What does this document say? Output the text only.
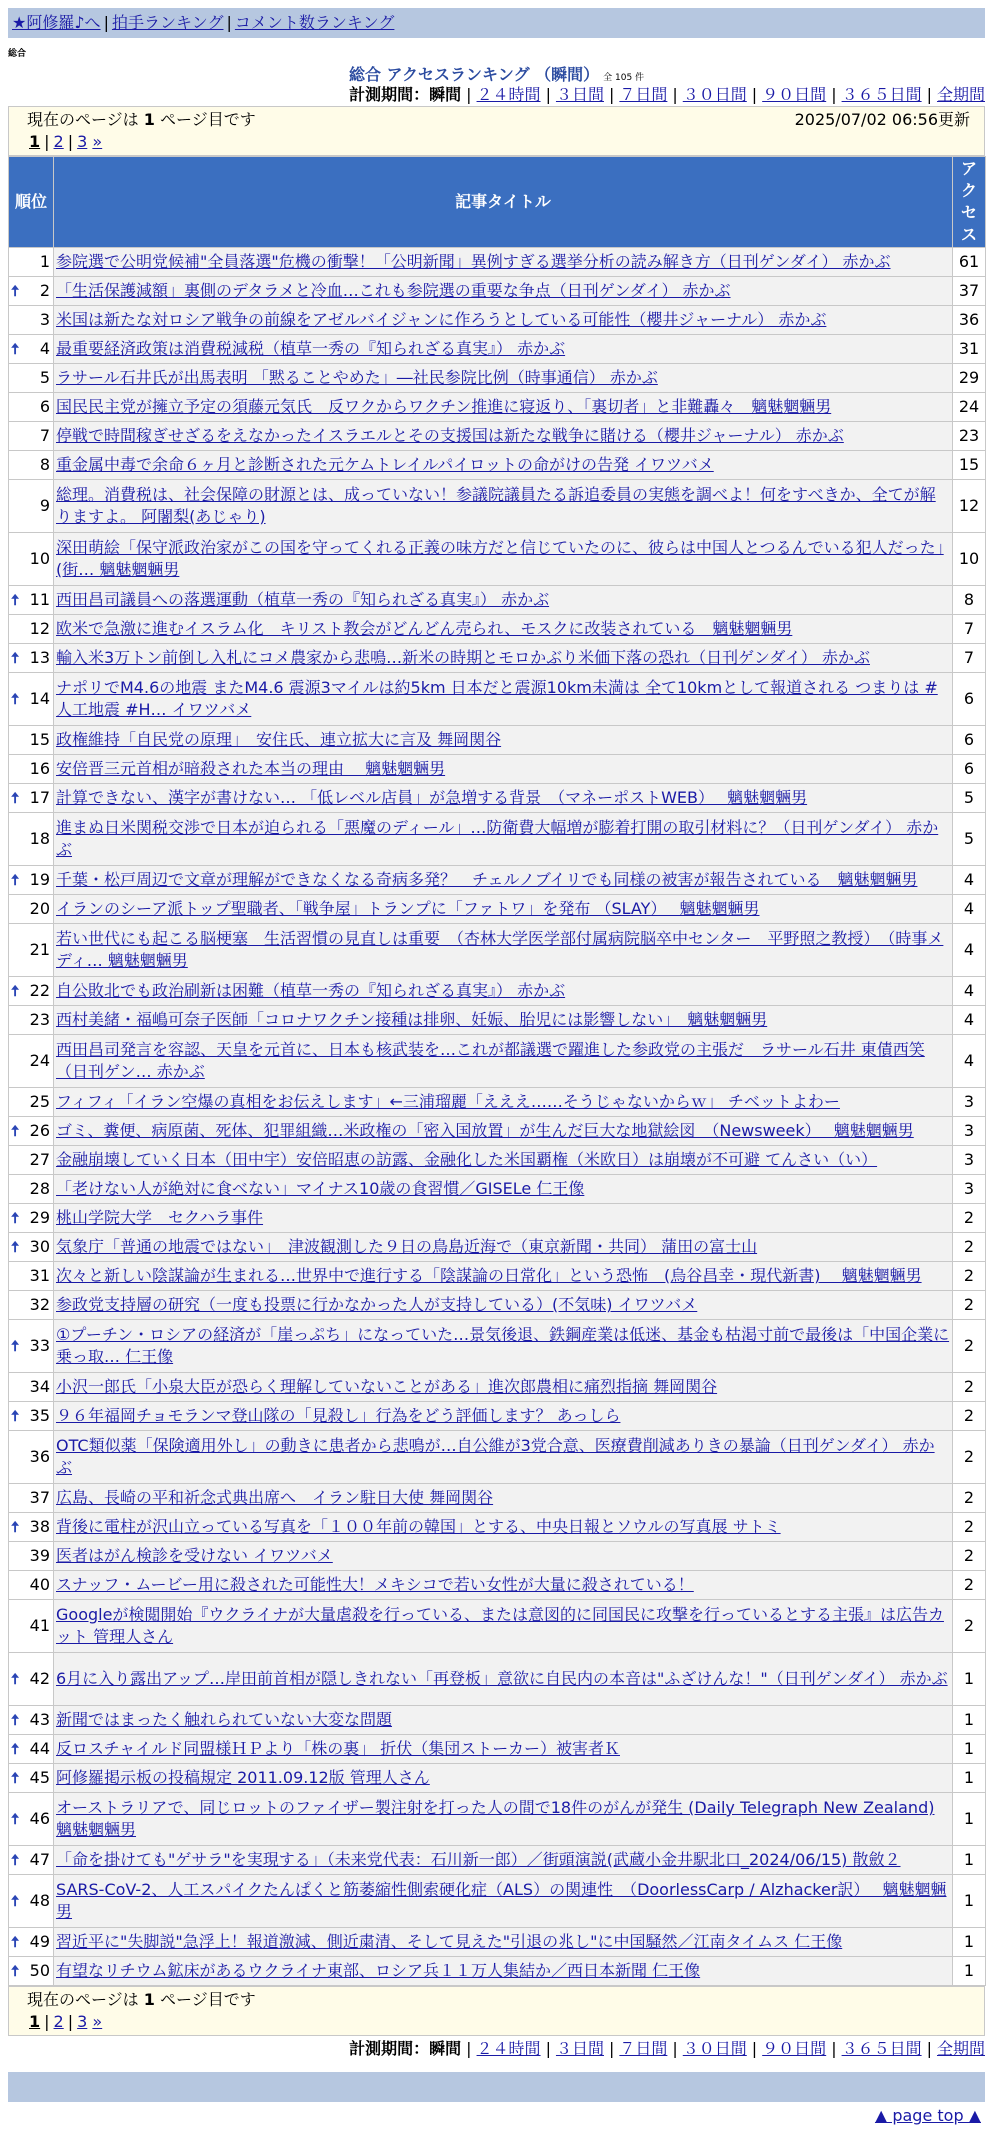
★阿修羅♪へ | 拍手ランキング | コメント数ランキング
総合
総合 アクセスランキング （瞬間） 全 105 件
計測期間：瞬間 | ２４時間 | ３日間 | ７日間 | ３０日間 | ９０日間 | ３６５日間 | 全期間
現在のページは 1 ページ目です	2025/07/02 06:56更新
1 | 2 | 3 »
順位	記事タイトル	アクセス
1	参院選で公明党候補"全員落選"危機の衝撃！「公明新聞」異例すぎる選挙分析の読み解き方（日刊ゲンダイ） 赤かぶ	61

🠅 2	「生活保護減額」裏側のデタラメと冷血…これも参院選の重要な争点（日刊ゲンダイ） 赤かぶ	37
3	米国は新たな対ロシア戦争の前線をアゼルバイジャンに作ろうとしている可能性（櫻井ジャーナル） 赤かぶ	36

🠅 4	最重要経済政策は消費税減税（植草一秀の『知られざる真実』） 赤かぶ	31
5	ラサール石井氏が出馬表明 「黙ることやめた」―社民参院比例（時事通信） 赤かぶ	29
6	国民民主党が擁立予定の須藤元気氏　反ワクからワクチン推進に寝返り、「裏切者」と非難轟々　魑魅魍魎男	24
7	停戦で時間稼ぎせざるをえなかったイスラエルとその支援国は新たな戦争に賭ける（櫻井ジャーナル） 赤かぶ	23
8	重金属中毒で余命６ヶ月と診断された元ケムトレイルパイロットの命がけの告発 イワツバメ	15
9	総理。消費税は、社会保障の財源とは、成っていない！参議院議員たる訴追委員の実態を調べよ！何をすべきか、全てが解りますよ。 阿闍梨(あじゃり)	12
10	深田萌絵「保守派政治家がこの国を守ってくれる正義の味方だと信じていたのに、彼らは中国人とつるんでいる犯人だった」(街… 魑魅魍魎男	10

🠅 11	西田昌司議員への落選運動（植草一秀の『知られざる真実』） 赤かぶ	8
12	欧米で急激に進むイスラム化　キリスト教会がどんどん売られ、モスクに改装されている　魑魅魍魎男	7

🠅 13	輸入米3万トン前倒し入札にコメ農家から悲鳴…新米の時期とモロかぶり米価下落の恐れ（日刊ゲンダイ） 赤かぶ	7

🠅 14	ナポリでM4.6の地震 またM4.6 震源3マイルは約5km 日本だと震源10km未満は 全て10kmとして報道される つまりは #人工地震 #H… イワツバメ	6
15	政権維持「自民党の原理」　安住氏、連立拡大に言及 舞岡関谷	6
16	安倍晋三元首相が暗殺された本当の理由　 魑魅魍魎男	6

🠅 17	計算できない、漢字が書けない… 「低レベル店員」が急増する背景　（マネーポストWEB）　 魑魅魍魎男	5
18	進まぬ日米関税交渉で日本が迫られる「悪魔のディール」…防衛費大幅増が膨着打開の取引材料に？（日刊ゲンダイ） 赤かぶ	5

🠅 19	千葉・松戸周辺で文章が理解ができなくなる奇病多発？　チェルノブイリでも同様の被害が報告されている　魑魅魍魎男	4
20	イランのシーア派トップ聖職者、「戦争屋」トランプに「ファトワ」を発布 （SLAY）　 魑魅魍魎男	4
21	若い世代にも起こる脳梗塞　生活習慣の見直しは重要　（杏林大学医学部付属病院脳卒中センター　平野照之教授）　（時事メディ… 魑魅魍魎男	4

🠅 22	自公敗北でも政治刷新は困難（植草一秀の『知られざる真実』） 赤かぶ	4
23	西村美緒・福嶋可奈子医師「コロナワクチン接種は排卵、妊娠、胎児には影響しない」　魑魅魍魎男	4
24	西田昌司発言を容認、天皇を元首に、日本も核武装を…これが都議選で躍進した参政党の主張だ　ラサール石井 東債西笑（日刊ゲン… 赤かぶ	4
25	フィフィ「イラン空爆の真相をお伝えします」←三浦瑠麗「えええ……そうじゃないからｗ」 チベットよわー	3

🠅 26	ゴミ、糞便、病原菌、死体、犯罪組織…米政権の「密入国放置」が生んだ巨大な地獄絵図　（Newsweek）　 魑魅魍魎男	3
27	金融崩壊していく日本（田中宇）安倍昭恵の訪露、金融化した米国覇権（米欧日）は崩壊が不可避 てんさい（い）	3
28	「老けない人が絶対に食べない」マイナス10歳の食習慣／GISELe 仁王像	3

🠅 29	桃山学院大学　セクハラ事件	2

🠅 30	気象庁「普通の地震ではない」　津波観測した９日の鳥島近海で（東京新聞・共同） 蒲田の富士山	2
31	次々と新しい陰謀論が生まれる…世界中で進行する「陰謀論の日常化」という恐怖　(烏谷昌幸・現代新書)　 魑魅魍魎男	2
32	参政党支持層の研究（一度も投票に行かなかった人が支持している）(不気味) イワツバメ	2

🠅 33	①プーチン・ロシアの経済が「崖っぷち」になっていた…景気後退、鉄鋼産業は低迷、基金も枯渇寸前で最後は「中国企業に乗っ取… 仁王像	2
34	小沢一郎氏「小泉大臣が恐らく理解していないことがある」進次郎農相に痛烈指摘 舞岡関谷	2

🠅 35	９６年福岡チョモランマ登山隊の「見殺し」行為をどう評価します？ あっしら	2
36	OTC類似薬「保険適用外し」の動きに患者から悲鳴が…自公維が3党合意、医療費削減ありきの暴論（日刊ゲンダイ） 赤かぶ	2
37	広島、長崎の平和祈念式典出席へ　イラン駐日大使 舞岡関谷	2

🠅 38	背後に電柱が沢山立っている写真を「１００年前の韓国」とする、中央日報とソウルの写真展 サトミ	2
39	医者はがん検診を受けない イワツバメ	2
40	スナッフ・ムービー用に殺された可能性大！メキシコで若い女性が大量に殺されている！	2
41	Googleが検閲開始『ウクライナが大量虐殺を行っている、または意図的に同国民に攻撃を行っているとする主張』は広告カット 管理人さん	2

🠅 42	6月に入り露出アップ…岸田前首相が隠しきれない「再登板」意欲に自民内の本音は"ふざけんな！"（日刊ゲンダイ） 赤かぶ	1

🠅 43	新聞ではまったく触れられていない大変な問題	1

🠅 44	反ロスチャイルド同盟様ＨＰより「株の裏」 折伏（集団ストーカー）被害者Ｋ	1

🠅 45	阿修羅掲示板の投稿規定 2011.09.12版 管理人さん	1

🠅 46	オーストラリアで、同じロットのファイザー製注射を打った人の間で18件のがんが発生 (Daily Telegraph New Zealand) 魑魅魍魎男	1

🠅 47	「命を掛けても"ゲサラ"を実現する」（未来党代表：石川新一郎）／街頭演説(武蔵小金井駅北口_2024/06/15) 散斂２	1

🠅 48	SARS-CoV-2、人工スパイクたんぱくと筋萎縮性側索硬化症（ALS）の関連性　（DoorlessCarp / Alzhacker訳）　 魑魅魍魎男	1

🠅 49	習近平に"失脚説"急浮上！報道激減、側近粛清、そして見えた"引退の兆し"に中国騒然／江南タイムス 仁王像	1

🠅 50	有望なリチウム鉱床があるウクライナ東部、ロシア兵１１万人集結か／西日本新聞 仁王像	1
現在のページは 1 ページ目です
1 | 2 | 3 »
計測期間：瞬間 | ２４時間 | ３日間 | ７日間 | ３０日間 | ９０日間 | ３６５日間 | 全期間
▲ page top ▲
